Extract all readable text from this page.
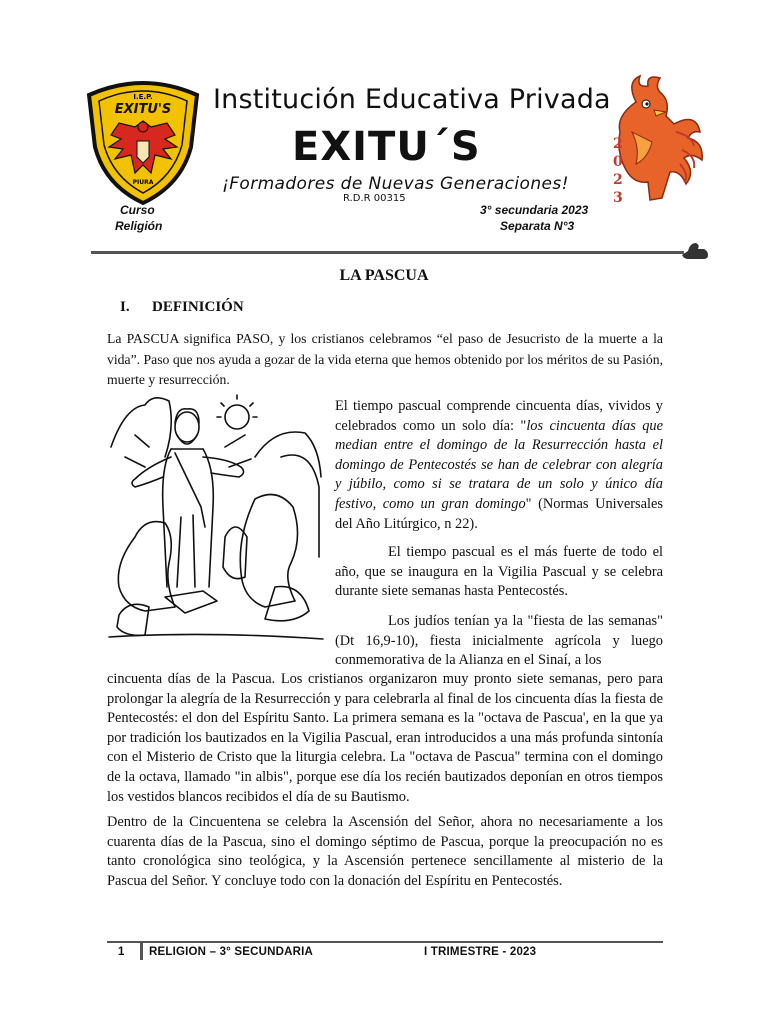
I.E.P.
EXITU'S
PIURA
Institución Educativa Privada
EXITU´S
¡Formadores de Nuevas Generaciones!
R.D.R 00315
Curso
Religión
3° secundaria 2023
Separata N°3
2
0
2
3
LA PASCUA
I. DEFINICIÓN
La PASCUA significa PASO, y los cristianos celebramos “el paso de Jesucristo de la muerte a la vida”. Paso que nos ayuda a gozar de la vida eterna que hemos obtenido por los méritos de su Pasión, muerte y resurrección.
El tiempo pascual comprende cincuenta días, vividos y celebrados como un solo día: "los cincuenta días que median entre el domingo de la Resurrección hasta el domingo de Pentecostés se han de celebrar con alegría y júbilo, como si se tratara de un solo y único día festivo, como un gran domingo" (Normas Universales del Año Litúrgico, n 22).
El tiempo pascual es el más fuerte de todo el año, que se inaugura en la Vigilia Pascual y se celebra durante siete semanas hasta Pentecostés.
Los judíos tenían ya la "fiesta de las semanas" (Dt 16,9-10), fiesta inicialmente agrícola y luego conmemorativa de la Alianza en el Sinaí, a los
cincuenta días de la Pascua. Los cristianos organizaron muy pronto siete semanas, pero para prolongar la alegría de la Resurrección y para celebrarla al final de los cincuenta días la fiesta de Pentecostés: el don del Espíritu Santo. La primera semana es la "octava de Pascua', en la que ya por tradición los bautizados en la Vigilia Pascual, eran introducidos a una más profunda sintonía con el Misterio de Cristo que la liturgia celebra. La "octava de Pascua" termina con el domingo de la octava, llamado "in albis", porque ese día los recién bautizados deponían en otros tiempos los vestidos blancos recibidos el día de su Bautismo.
Dentro de la Cincuentena se celebra la Ascensión del Señor, ahora no necesariamente a los cuarenta días de la Pascua, sino el domingo séptimo de Pascua, porque la preocupación no es tanto cronológica sino teológica, y la Ascensión pertenece sencillamente al misterio de la Pascua del Señor. Y concluye todo con la donación del Espíritu en Pentecostés.
1 RELIGION – 3° SECUNDARIA	I TRIMESTRE - 2023
